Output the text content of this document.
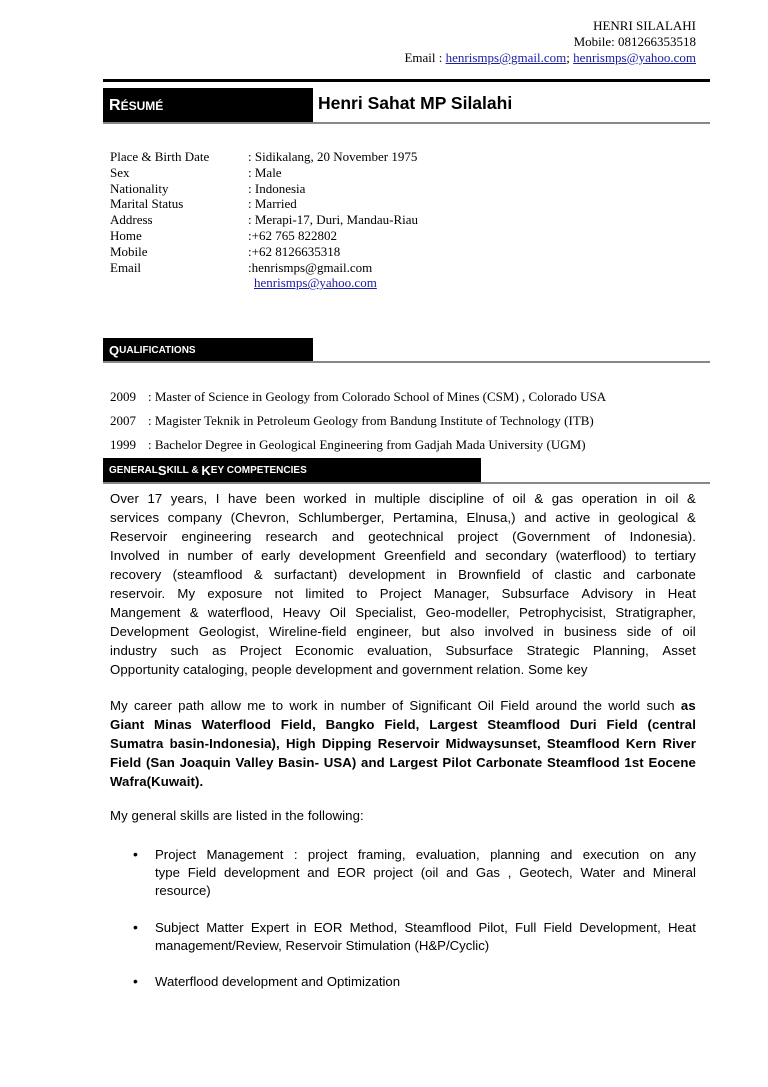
HENRI SILALAHI
Mobile: 081266353518
Email : henrismps@gmail.com; henrismps@yahoo.com
R ÉSUMÉ	Henri Sahat MP Silalahi
Place & Birth Date	: Sidikalang, 20 November 1975
Sex	: Male
Nationality	: Indonesia
Marital Status	: Married
Address	: Merapi-17, Duri, Mandau-Riau
Home	:+62 765 822802
Mobile	:+62 8126635318
Email	:henrismps@gmail.com
henrismps@yahoo.com
Q UALIFICATIONS
2009 : Master of Science in Geology from Colorado School of Mines (CSM) , Colorado USA
2007 : Magister Teknik in Petroleum Geology from Bandung Institute of Technology (ITB)
1999 : Bachelor Degree in Geological Engineering from Gadjah Mada University (UGM)
GENERAL S KILL & K EY COMPETENCIES
Over 17 years, I have been worked in multiple discipline of oil & gas operation in oil &
services company (Chevron, Schlumberger, Pertamina, Elnusa,) and active in geological &
Reservoir engineering research and geotechnical project (Government of Indonesia).
Involved in number of early development Greenfield and secondary (waterflood) to tertiary
recovery (steamflood & surfactant) development in Brownfield of clastic and carbonate
reservoir. My exposure not limited to Project Manager, Subsurface Advisory in Heat
Mangement & waterflood, Heavy Oil Specialist, Geo-modeller, Petrophycisist, Stratigrapher,
Development Geologist, Wireline-field engineer, but also involved in business side of oil
industry such as Project Economic evaluation, Subsurface Strategic Planning, Asset
Opportunity cataloging, people development and government relation. Some key
My career path allow me to work in number of Significant Oil Field around the world such as
Giant Minas Waterflood Field, Bangko Field, Largest Steamflood Duri Field (central
Sumatra basin-Indonesia), High Dipping Reservoir Midwaysunset, Steamflood Kern River
Field (San Joaquin Valley Basin- USA) and Largest Pilot Carbonate Steamflood 1st Eocene
Wafra (Kuwait).
My general skills are listed in the following:
• Project Management : project framing, evaluation, planning and execution on any
type Field development and EOR project (oil and Gas , Geotech, Water and Mineral
resource)
• Subject Matter Expert in EOR Method, Steamflood Pilot, Full Field Development, Heat
management/Review, Reservoir Stimulation (H&P/Cyclic)
• Waterflood development and Optimization
